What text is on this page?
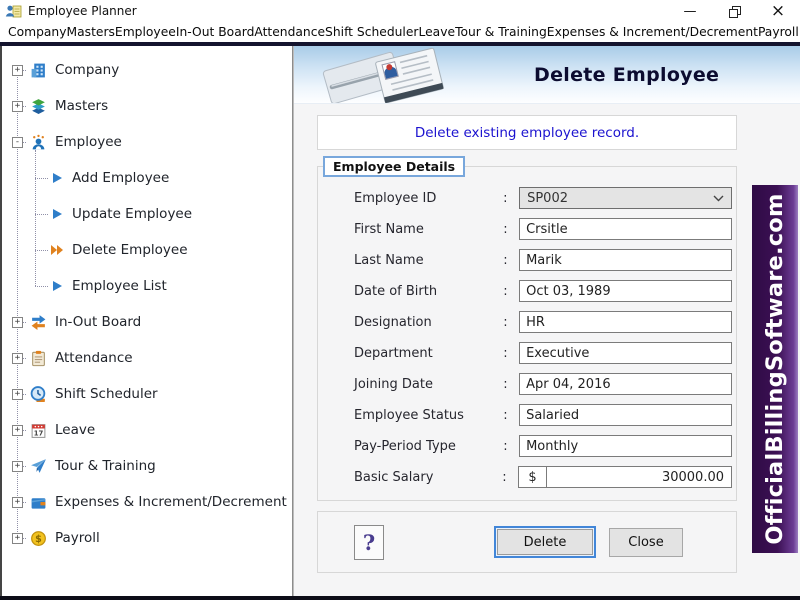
Employee Planner	—	×
Company Masters Employee In-Out Board Attendance Shift Scheduler Leave Tour & Training Expenses & Increment/Decrement Payroll
+	Company
+	Masters
-	Employee
Add Employee
Update Employee
Delete Employee
Employee List
+	In-Out Board
+	Attendance
+	Shift Scheduler
+	17 Leave
+	Tour & Training
+	Expenses & Increment/Decrement
+	$ Payroll
Delete Employee
Delete existing employee record.
Employee Details
Employee ID	:	SP002
First Name	:
Crsitle
Last Name	:
Marik
Date of Birth	:
Oct 03, 1989
Designation	:
HR
Department	:
Executive
Joining Date	:
Apr 04, 2016
Employee Status	:
Salaried
Pay-Period Type	:
Monthly
Basic Salary	:	$
30000.00
?	Delete	Close	OfficialBillingSoftware.com
